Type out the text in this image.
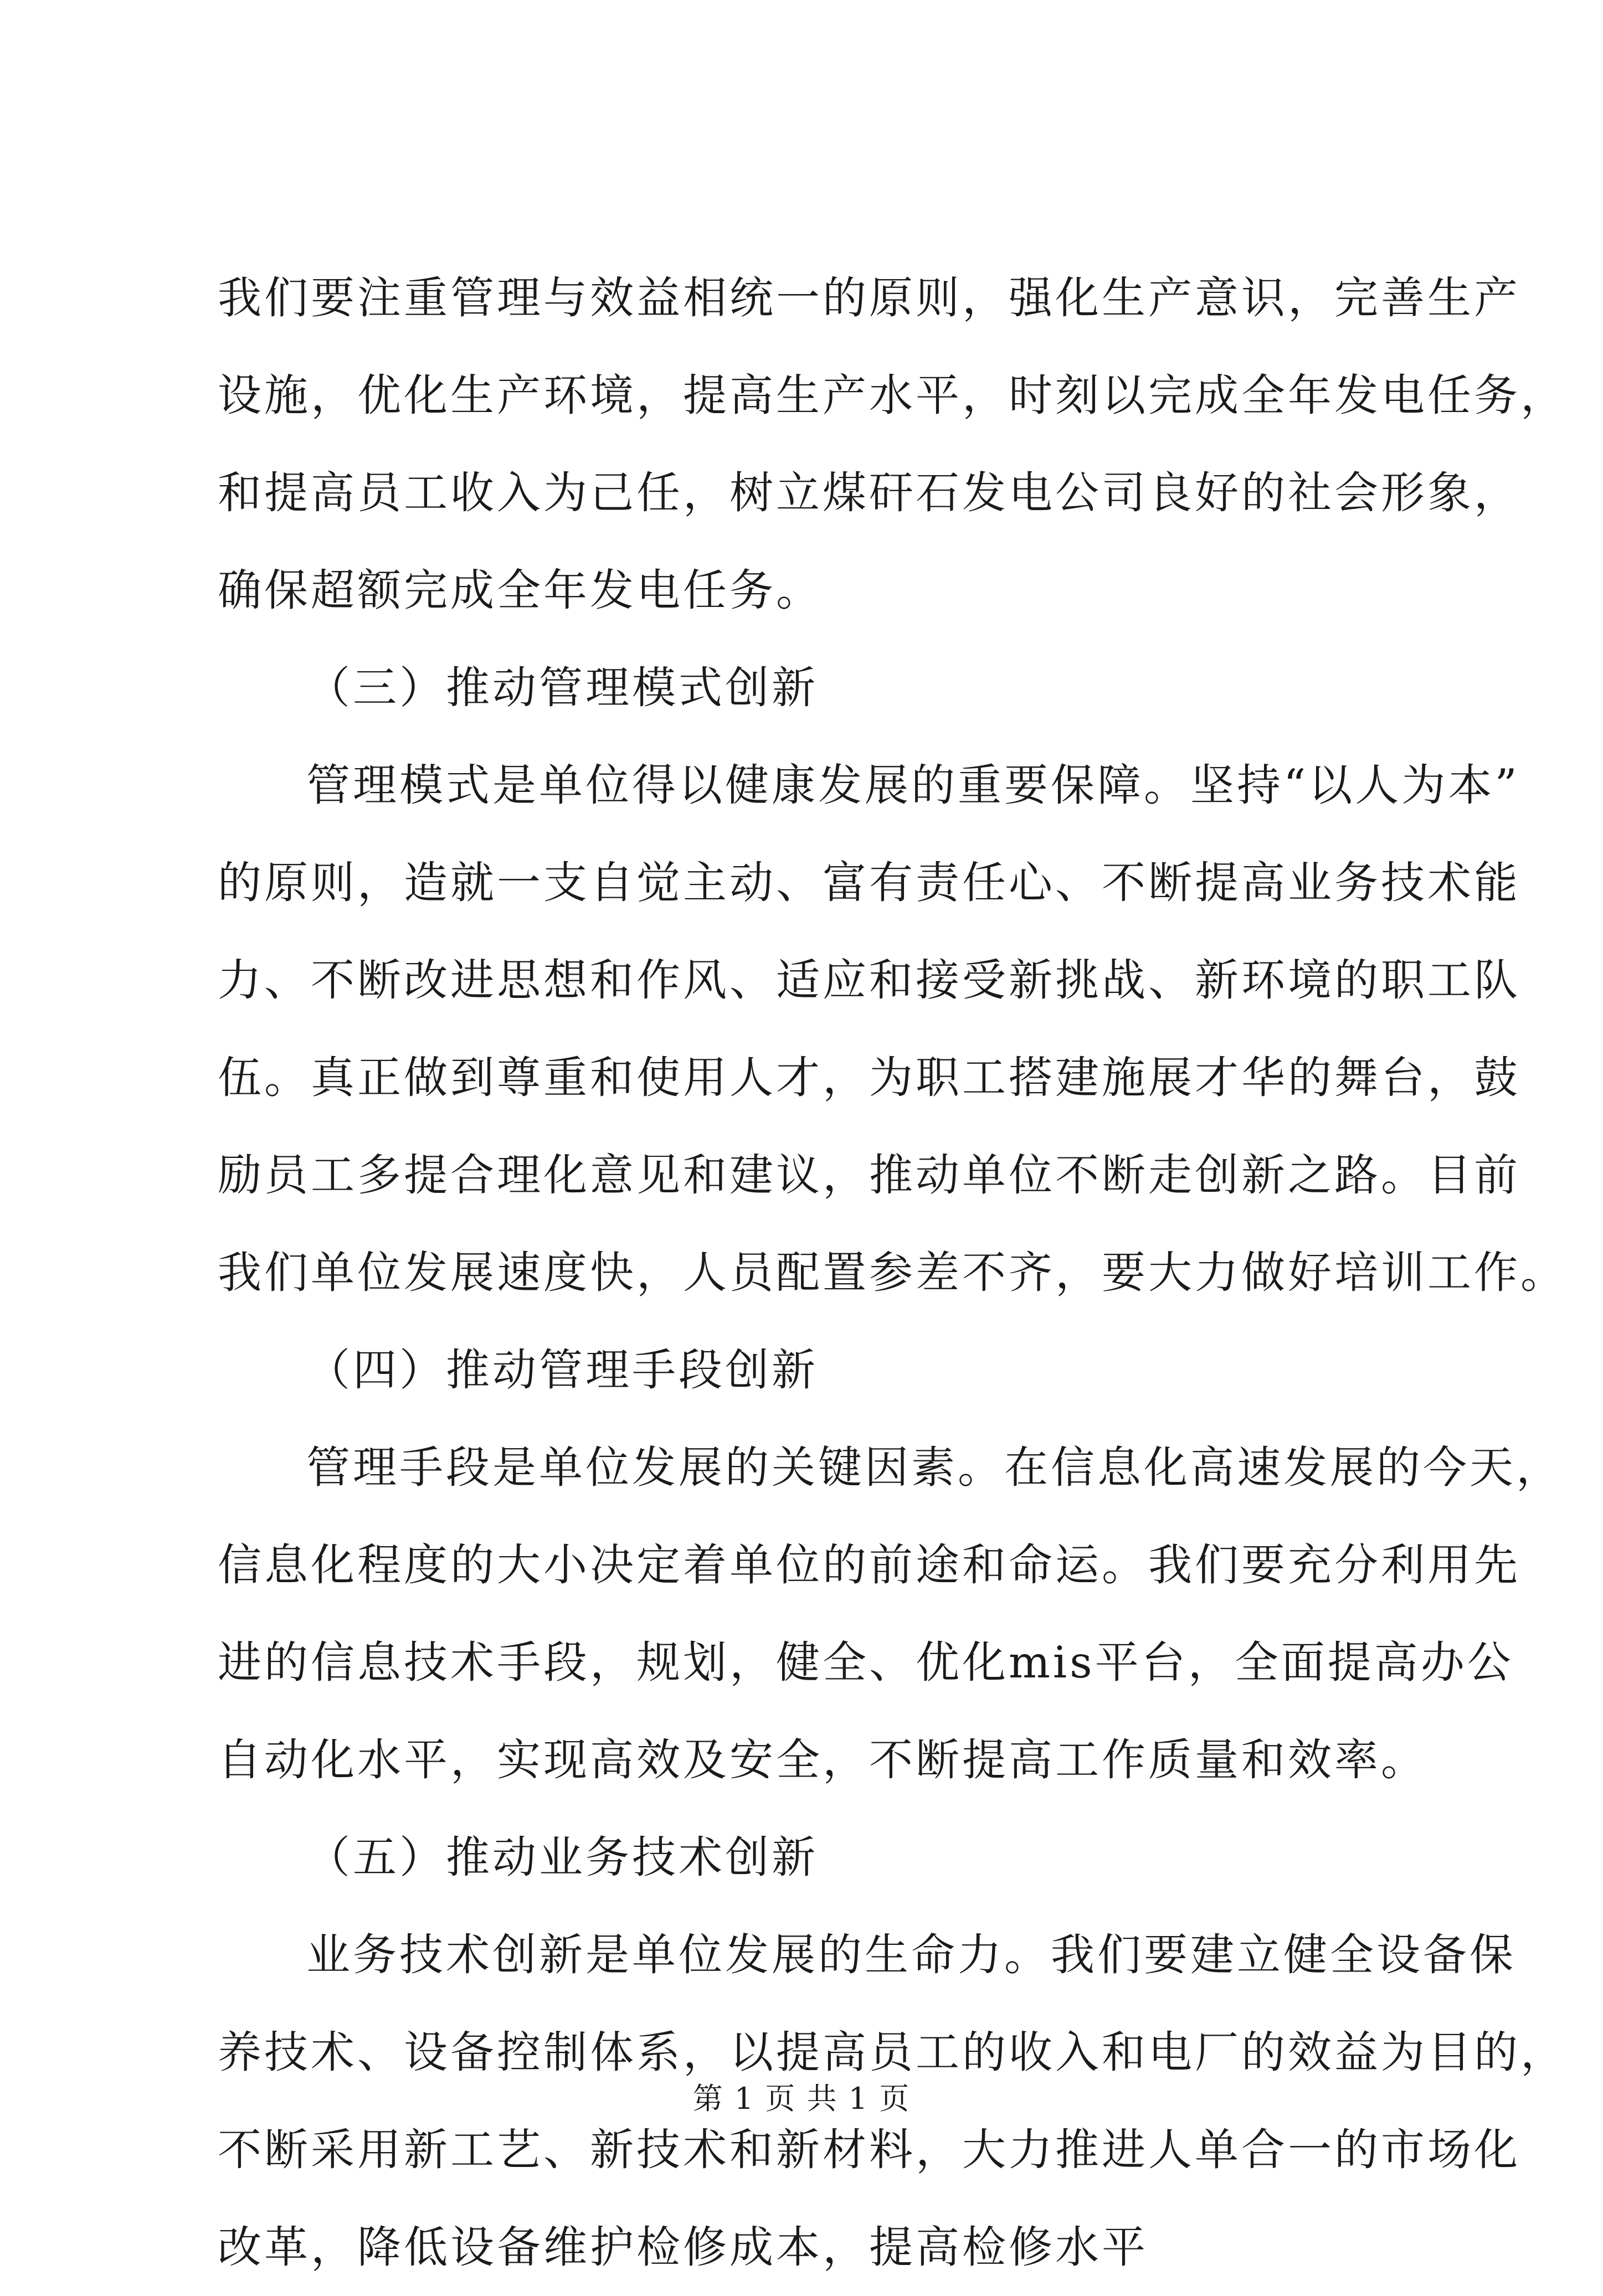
我们要注重管理与效益相统一的原则，强化生产意识，完善生产
设施，优化生产环境，提高生产水平，时刻以完成全年发电任务，
和提高员工收入为己任，树立煤矸石发电公司良好的社会形象，
确保超额完成全年发电任务。
（三）推动管理模式创新
管理模式是单位得以健康发展的重要保障。坚持“以人为本”
的原则，造就一支自觉主动、富有责任心、不断提高业务技术能
力、不断改进思想和作风、适应和接受新挑战、新环境的职工队
伍。真正做到尊重和使用人才，为职工搭建施展才华的舞台，鼓
励员工多提合理化意见和建议，推动单位不断走创新之路。目前
我们单位发展速度快，人员配置参差不齐，要大力做好培训工作。
（四）推动管理手段创新
管理手段是单位发展的关键因素。在信息化高速发展的今天，
信息化程度的大小决定着单位的前途和命运。我们要充分利用先
进的信息技术手段，规划，健全、优化mis平台，全面提高办公
自动化水平，实现高效及安全，不断提高工作质量和效率。
（五）推动业务技术创新
业务技术创新是单位发展的生命力。我们要建立健全设备保
养技术、设备控制体系，以提高员工的收入和电厂的效益为目的，
不断采用新工艺、新技术和新材料，大力推进人单合一的市场化
改革，降低设备维护检修成本，提高检修水平
第 1 页 共 1 页
